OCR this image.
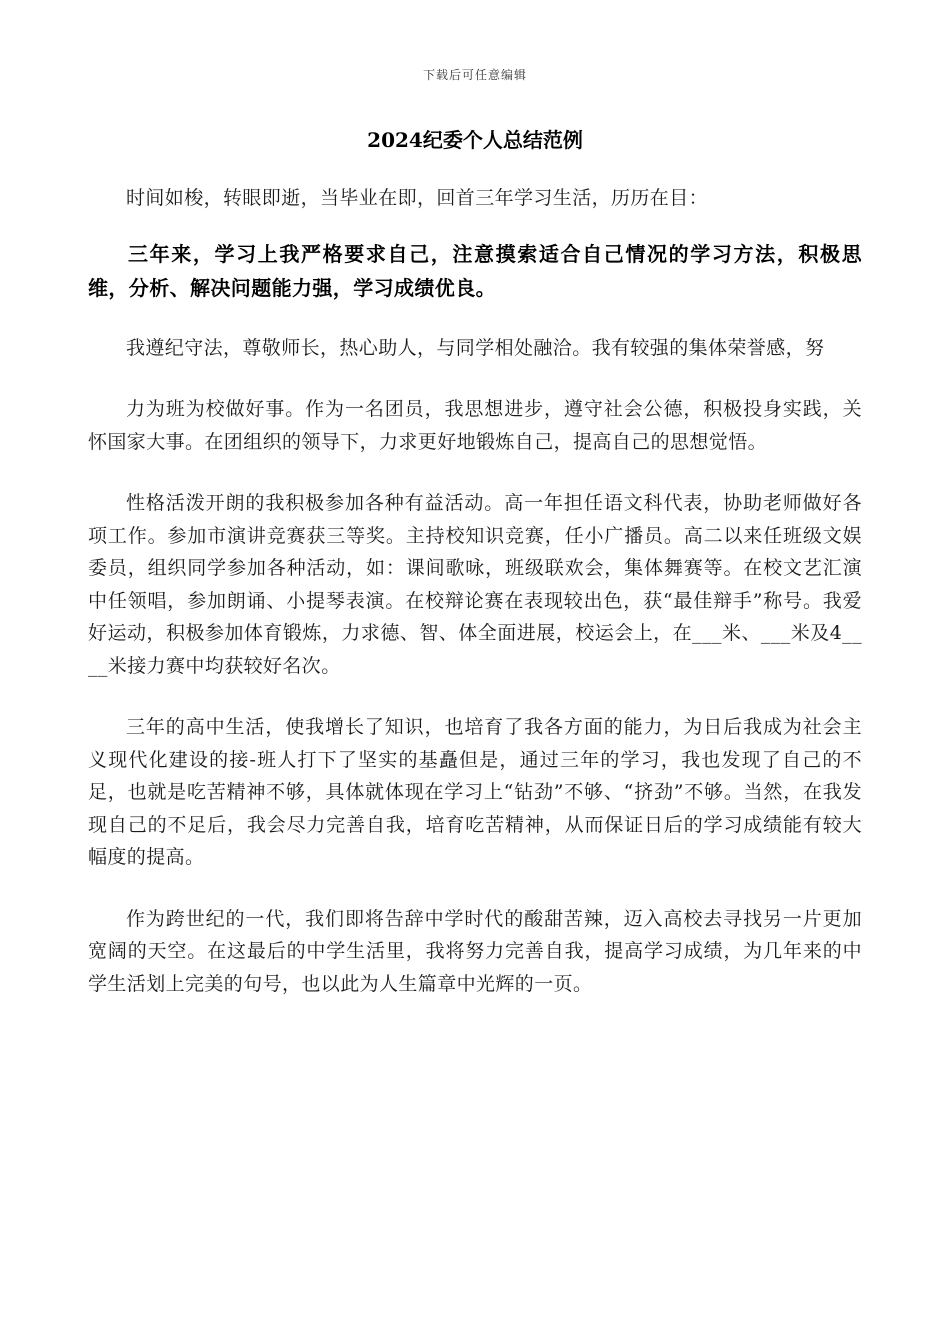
下载后可任意编辑
2024纪委个人总结范例

时间如梭，转眼即逝，当毕业在即，回首三年学习生活，历历在目：

三年来，学习上我严格要求自己，注意摸索适合自己情况的学习方法，积极思维，分析、解决问题能力强，学习成绩优良。

我遵纪守法，尊敬师长，热心助人，与同学相处融洽。我有较强的集体荣誉感，努

力为班为校做好事。作为一名团员，我思想进步，遵守社会公德，积极投身实践，关怀国家大事。在团组织的领导下，力求更好地锻炼自己，提高自己的思想觉悟。

性格活泼开朗的我积极参加各种有益活动。高一年担任语文科代表，协助老师做好各项工作。参加市演讲竞赛获三等奖。主持校知识竞赛，任小广播员。高二以来任班级文娱委员，组织同学参加各种活动，如：课间歌咏，班级联欢会，集体舞赛等。在校文艺汇演中任领唱，参加朗诵、小提琴表演。在校辩论赛在表现较出色，获“最佳辩手”称号。我爱好运动，积极参加体育锻炼，力求德、智、体全面进展，校运会上，在___米、___米及4____米接力赛中均获较好名次。

三年的高中生活，使我增长了知识，也培育了我各方面的能力，为日后我成为社会主义现代化建设的接-班人打下了坚实的基矗但是，通过三年的学习，我也发现了自己的不足，也就是吃苦精神不够，具体就体现在学习上“钻劲”不够、“挤劲”不够。当然，在我发现自己的不足后，我会尽力完善自我，培育吃苦精神，从而保证日后的学习成绩能有较大幅度的提高。

作为跨世纪的一代，我们即将告辞中学时代的酸甜苦辣，迈入高校去寻找另一片更加宽阔的天空。在这最后的中学生活里，我将努力完善自我，提高学习成绩，为几年来的中学生活划上完美的句号，也以此为人生篇章中光辉的一页。
